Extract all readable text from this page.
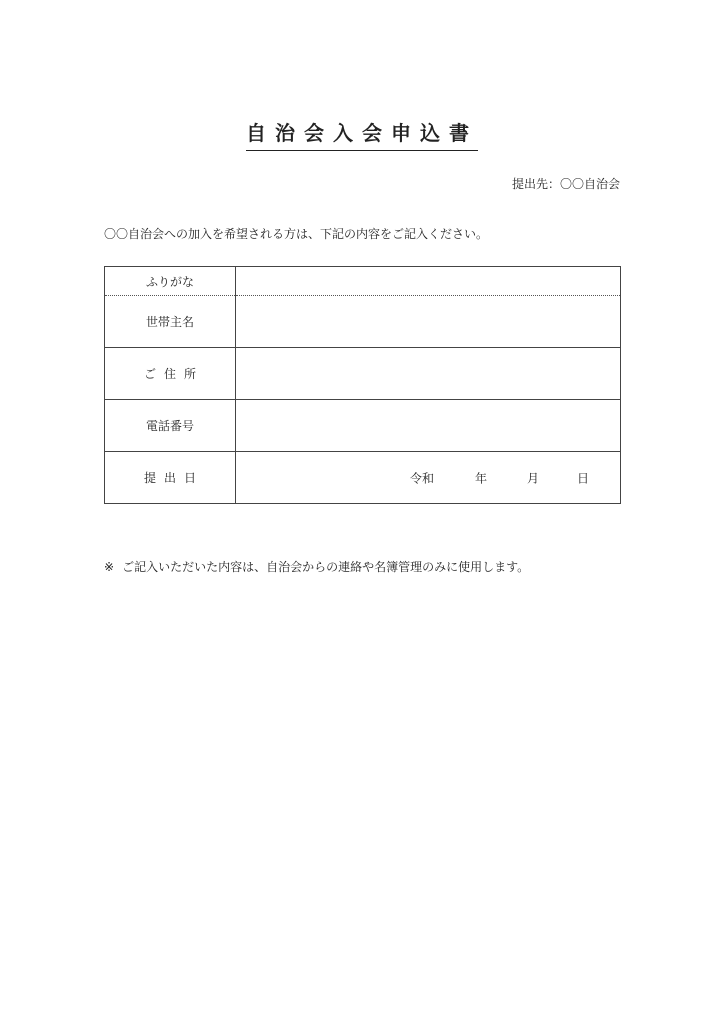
自治会入会申込書
提出先：〇〇自治会
〇〇自治会への加入を希望される方は、下記の内容をご記入ください。
ふりがな	
世帯主名	
ご住所	
電話番号	
提出日	令和 年 月 日
※ ご記入いただいた内容は、自治会からの連絡や名簿管理のみに使用します。
